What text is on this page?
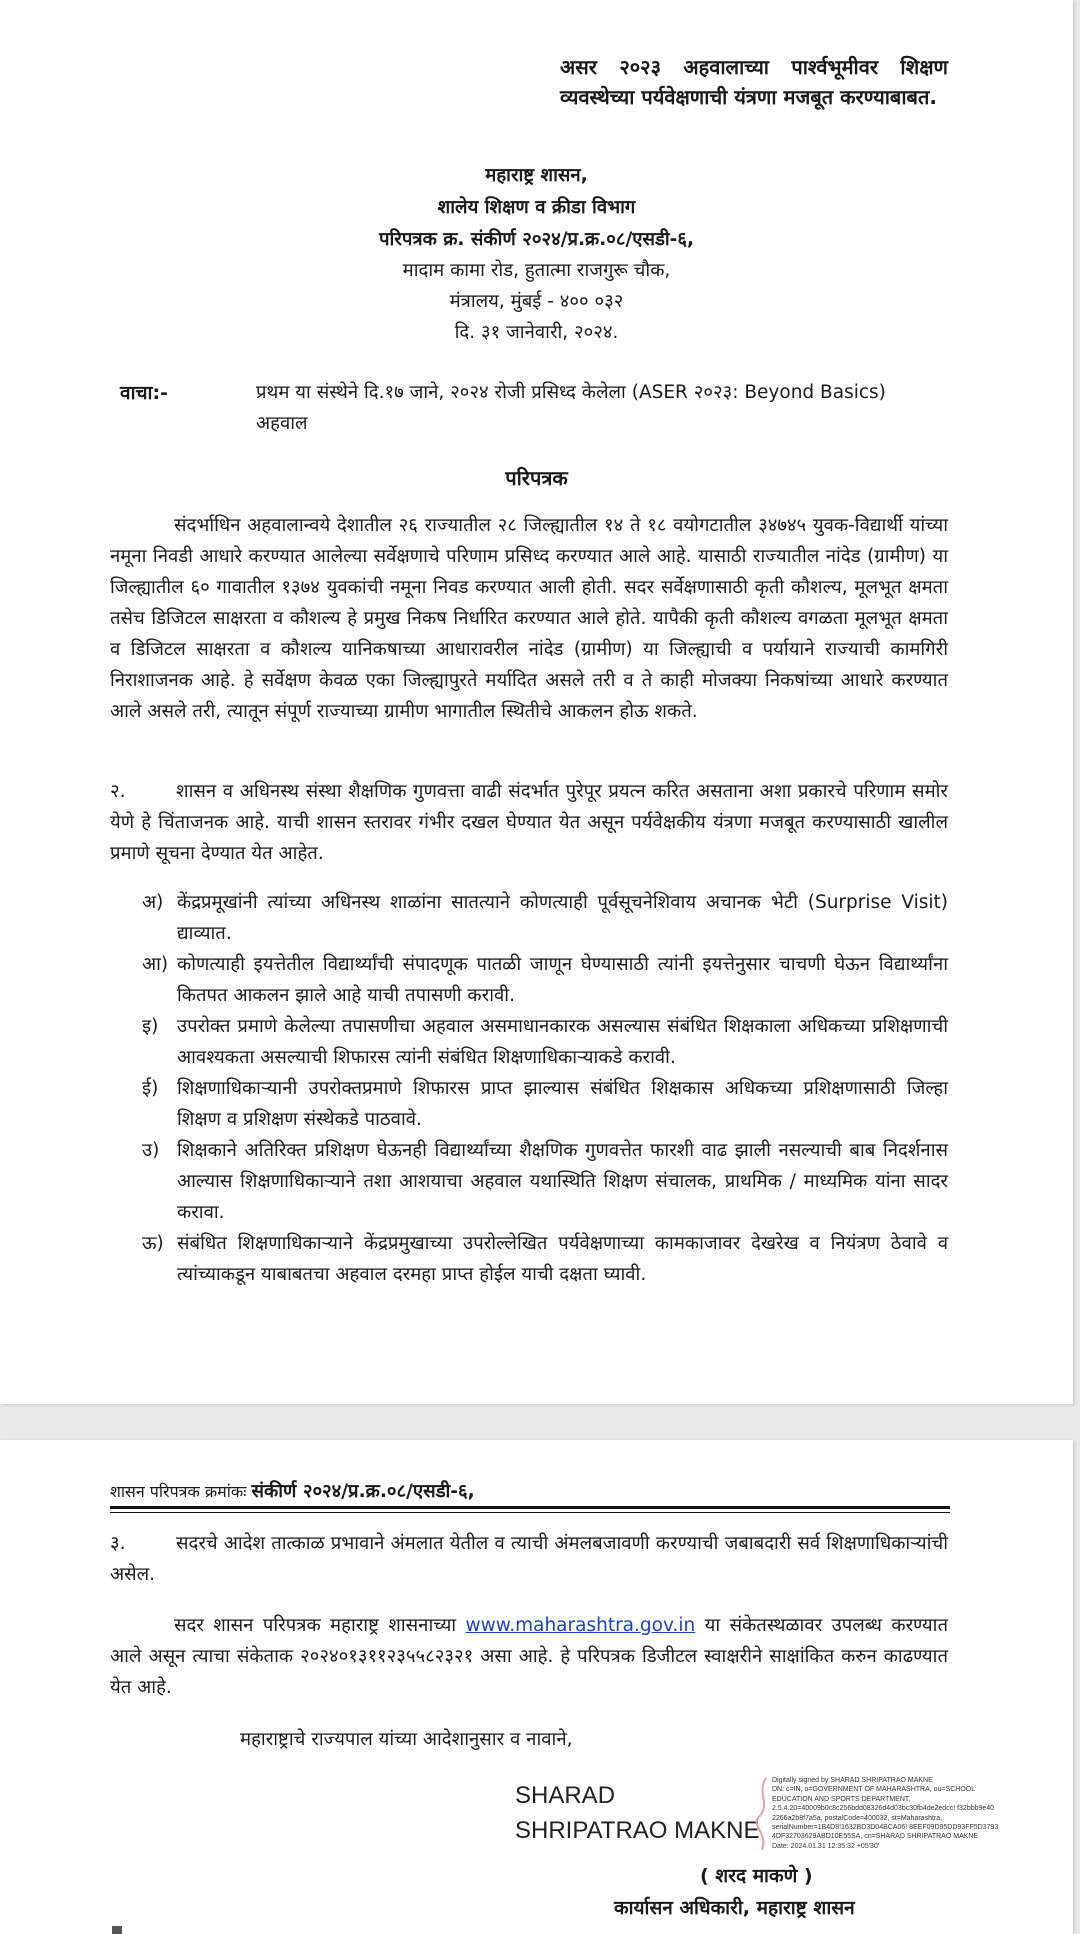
असर २०२३ अहवालाच्या पार्श्वभूमीवर शिक्षण व्यवस्थेच्या पर्यवेक्षणाची यंत्रणा मजबूत करण्याबाबत.
महाराष्ट्र शासन,
शालेय शिक्षण व क्रीडा विभाग
परिपत्रक क्र. संकीर्ण २०२४/प्र.क्र.०८/एसडी-६,
मादाम कामा रोड, हुतात्मा राजगुरू चौक,
मंत्रालय, मुंबई - ४०० ०३२
दि. ३१ जानेवारी, २०२४.
वाचा:-	प्रथम या संस्थेने दि.१७ जाने, २०२४ रोजी प्रसिध्द केलेला (ASER २०२३: Beyond Basics) अहवाल
परिपत्रक
संदर्भाधिन अहवालान्वये देशातील २६ राज्यातील २८ जिल्ह्यातील १४ ते १८ वयोगटातील ३४७४५ युवक-विद्यार्थी यांच्या नमूना निवडी आधारे करण्यात आलेल्या सर्वेक्षणाचे परिणाम प्रसिध्द करण्यात आले आहे. यासाठी राज्यातील नांदेड (ग्रामीण) या जिल्ह्यातील ६० गावातील १३७४ युवकांची नमूना निवड करण्यात आली होती. सदर सर्वेक्षणासाठी कृती कौशल्य, मूलभूत क्षमता तसेच डिजिटल साक्षरता व कौशल्य हे प्रमुख निकष निर्धारित करण्यात आले होते. यापैकी कृती कौशल्य वगळता मूलभूत क्षमता व डिजिटल साक्षरता व कौशल्य यानिकषाच्या आधारावरील नांदेड (ग्रामीण) या जिल्ह्याची व पर्यायाने राज्याची कामगिरी निराशाजनक आहे. हे सर्वेक्षण केवळ एका जिल्ह्यापुरते मर्यादित असले तरी व ते काही मोजक्या निकषांच्या आधारे करण्यात आले असले तरी, त्यातून संपूर्ण राज्याच्या ग्रामीण भागातील स्थितीचे आकलन होऊ शकते.
२.	शासन व अधिनस्थ संस्था शैक्षणिक गुणवत्ता वाढी संदर्भात पुरेपूर प्रयत्न करित असताना अशा प्रकारचे परिणाम समोर येणे हे चिंताजनक आहे. याची शासन स्तरावर गंभीर दखल घेण्यात येत असून पर्यवेक्षकीय यंत्रणा मजबूत करण्यासाठी खालील प्रमाणे सूचना देण्यात येत आहेत.
अ) केंद्रप्रमूखांनी त्यांच्या अधिनस्थ शाळांना सातत्याने कोणत्याही पूर्वसूचनेशिवाय अचानक भेटी (Surprise Visit) द्याव्यात.
आ) कोणत्याही इयत्तेतील विद्यार्थ्यांची संपादणूक पातळी जाणून घेण्यासाठी त्यांनी इयत्तेनुसार चाचणी घेऊन विद्यार्थ्यांना कितपत आकलन झाले आहे याची तपासणी करावी.
इ) उपरोक्त प्रमाणे केलेल्या तपासणीचा अहवाल असमाधानकारक असल्यास संबंधित शिक्षकाला अधिकच्या प्रशिक्षणाची आवश्यकता असल्याची शिफारस त्यांनी संबंधित शिक्षणाधिकाऱ्याकडे करावी.
ई) शिक्षणाधिकाऱ्यानी उपरोक्तप्रमाणे शिफारस प्राप्त झाल्यास संबंधित शिक्षकास अधिकच्या प्रशिक्षणासाठी जिल्हा शिक्षण व प्रशिक्षण संस्थेकडे पाठवावे.
उ) शिक्षकाने अतिरिक्त प्रशिक्षण घेऊनही विद्यार्थ्यांच्या शैक्षणिक गुणवत्तेत फारशी वाढ झाली नसल्याची बाब निदर्शनास आल्यास शिक्षणाधिकाऱ्याने तशा आशयाचा अहवाल यथास्थिति शिक्षण संचालक, प्राथमिक / माध्यमिक यांना सादर करावा.
ऊ) संबंधित शिक्षणाधिकाऱ्याने केंद्रप्रमुखाच्या उपरोल्लेखित पर्यवेक्षणाच्या कामकाजावर देखरेख व नियंत्रण ठेवावे व त्यांच्याकडून याबाबतचा अहवाल दरमहा प्राप्त होईल याची दक्षता घ्यावी.
शासन परिपत्रक क्रमांकः संकीर्ण २०२४/प्र.क्र.०८/एसडी-६,
३.	सदरचे आदेश तात्काळ प्रभावाने अंमलात येतील व त्याची अंमलबजावणी करण्याची जबाबदारी सर्व शिक्षणाधिकाऱ्यांची असेल.
सदर शासन परिपत्रक महाराष्ट्र शासनाच्या www.maharashtra.gov.in या संकेतस्थळावर उपलब्ध करण्यात आले असून त्याचा संकेताक २०२४०१३११२३५५८२३२१ असा आहे. हे परिपत्रक डिजीटल स्वाक्षरीने साक्षांकित करुन काढण्यात येत आहे.
महाराष्ट्राचे राज्यपाल यांच्या आदेशानुसार व नावाने,
SHARAD
SHRIPATRAO MAKNE
Digitally signed by SHARAD SHRIPATRAO MAKNE
DN: c=IN, o=GOVERNMENT OF MAHARASHTRA, ou=SCHOOL
EDUCATION AND SPORTS DEPARTMENT,
2.5.4.20=40009b0c8c256bdd08326d4d03bc30fb4de2edcc! f32bbb9e40
2266a2b8f7a5a, postalCode=400032, st=Maharashtra,
serialNumber=1B4D8!1632BD3D04BCA06! 8EEF09D95DD93FF5D3793
4DF32703629ABD10E55SA, cn=SHARAD SHRIPATRAO MAKNE
Date: 2024.01.31 12:35:32 +05'30'
( शरद माकणे )
कार्यासन अधिकारी, महाराष्ट्र शासन
